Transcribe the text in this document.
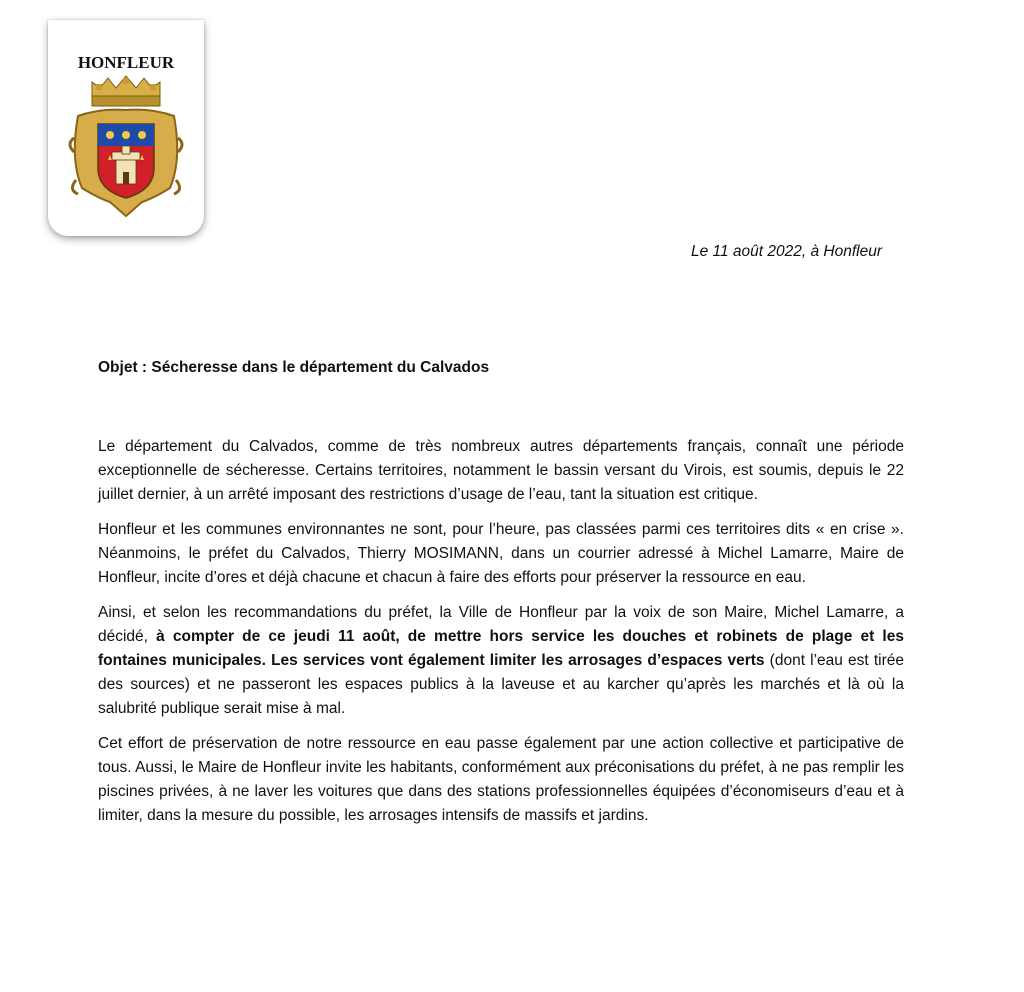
HONFLEUR
Le 11 août 2022, à Honfleur
Objet : Sécheresse dans le département du Calvados

Le département du Calvados, comme de très nombreux autres départements français, connaît une période exceptionnelle de sécheresse. Certains territoires, notamment le bassin versant du Virois, est soumis, depuis le 22 juillet dernier, à un arrêté imposant des restrictions d’usage de l’eau, tant la situation est critique.

Honfleur et les communes environnantes ne sont, pour l’heure, pas classées parmi ces territoires dits « en crise ». Néanmoins, le préfet du Calvados, Thierry MOSIMANN, dans un courrier adressé à Michel Lamarre, Maire de Honfleur, incite d’ores et déjà chacune et chacun à faire des efforts pour préserver la ressource en eau.

Ainsi, et selon les recommandations du préfet, la Ville de Honfleur par la voix de son Maire, Michel Lamarre, a décidé, à compter de ce jeudi 11 août, de mettre hors service les douches et robinets de plage et les fontaines municipales. Les services vont également limiter les arrosages d’espaces verts (dont l’eau est tirée des sources) et ne passeront les espaces publics à la laveuse et au karcher qu’après les marchés et là où la salubrité publique serait mise à mal.

Cet effort de préservation de notre ressource en eau passe également par une action collective et participative de tous. Aussi, le Maire de Honfleur invite les habitants, conformément aux préconisations du préfet, à ne pas remplir les piscines privées, à ne laver les voitures que dans des stations professionnelles équipées d’économiseurs d’eau et à limiter, dans la mesure du possible, les arrosages intensifs de massifs et jardins.
